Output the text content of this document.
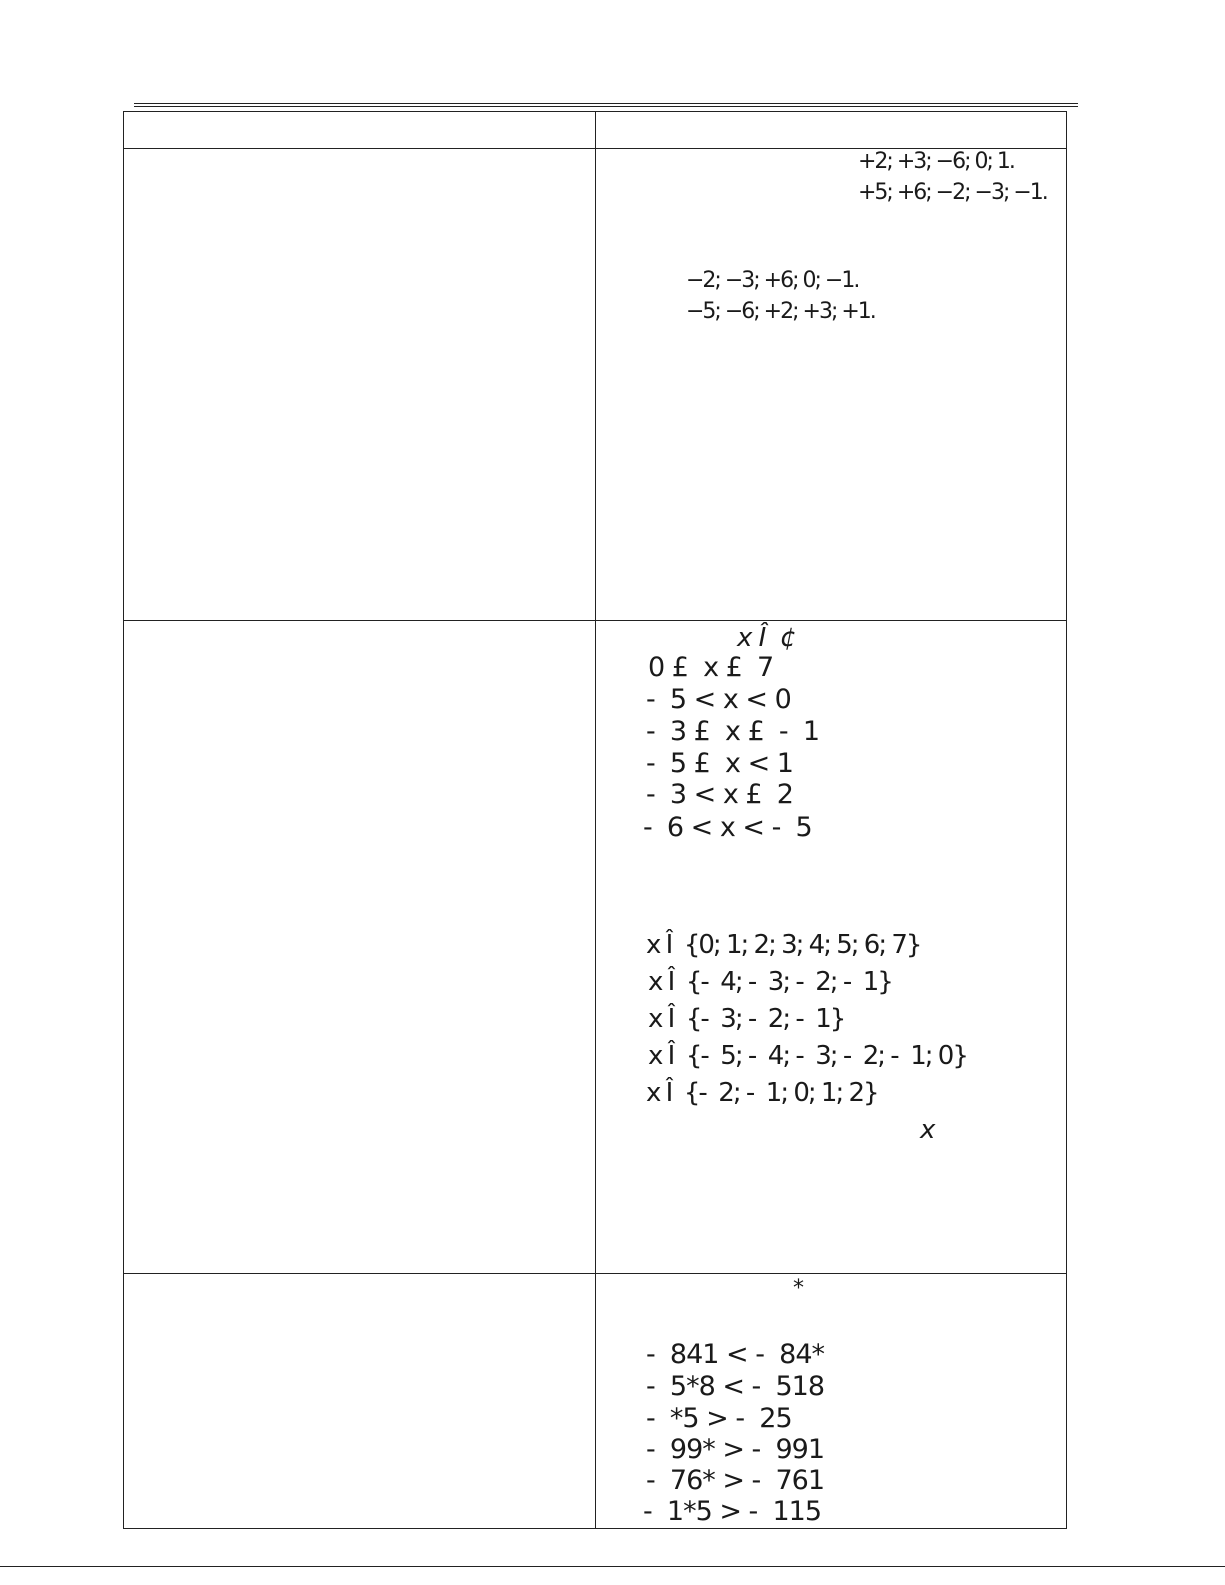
+2; +3; −6; 0; 1.
+5; +6; −2; −3; −1.
−2; −3; +6; 0; −1.
−5; −6; +2; +3; +1.
x Î  ¢
0 £  x £  7
-  5 < x < 0
-  3 £  x £  -  1
-  5 £  x < 1
-  3 < x £  2
-  6 < x < -  5
x Î  {0; 1; 2; 3; 4; 5; 6; 7}
x Î  {-  4; -  3; -  2; -  1}
x Î  {-  3; -  2; -  1}
x Î  {-  5; -  4; -  3; -  2; -  1; 0}
x Î  {-  2; -  1; 0; 1; 2}
x
*
-  841 < -  84*
-  5*8 < -  518
-  *5 > -  25
-  99* > -  991
-  76* > -  761
-  1*5 > -  115
